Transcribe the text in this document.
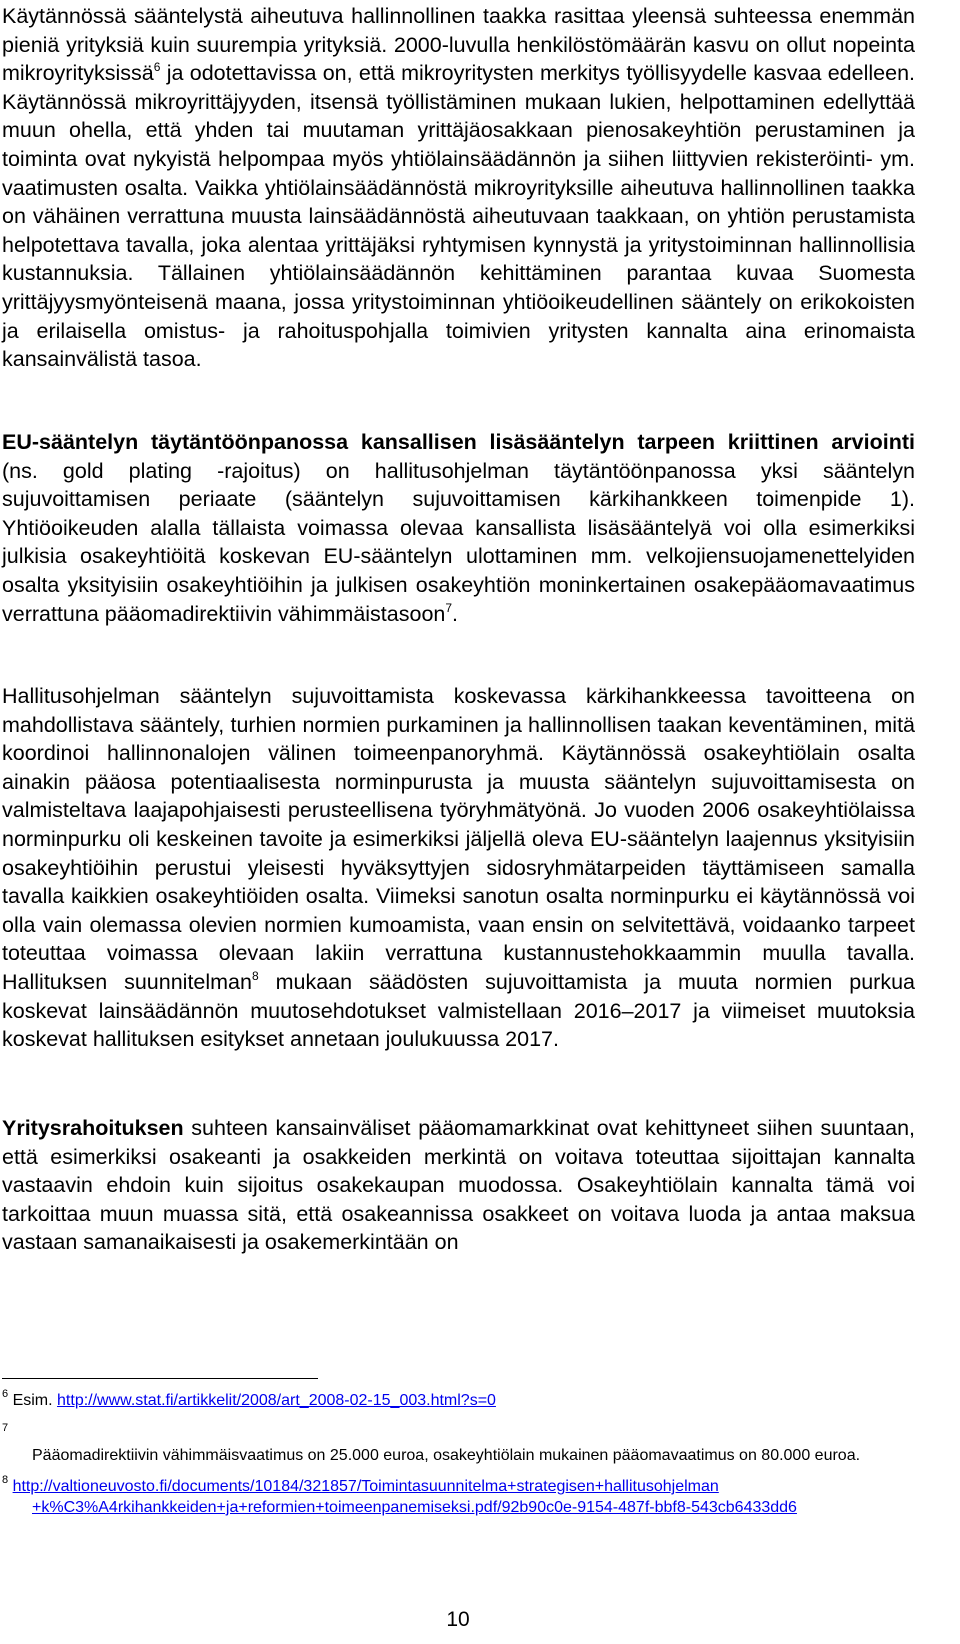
Käytännössä sääntelystä aiheutuva hallinnollinen taakka rasittaa yleensä suhteessa enemmän pieniä yrityksiä kuin suurempia yrityksiä. 2000-luvulla henkilöstömäärän kasvu on ollut nopeinta mikroyrityksissä$^6$ ja odotettavissa on, että mikroyritysten merkitys työllisyydelle kasvaa edelleen. Käytännössä mikroyrittäjyyden, itsensä työllistäminen mukaan lukien, helpottaminen edellyttää muun ohella, että yhden tai muutaman yrittäjäosakkaan pienosakeyhtiön perustaminen ja toiminta ovat nykyistä helpompaa myös yhtiölainsäädännön ja siihen liittyvien rekisteröinti- ym. vaatimusten osalta. Vaikka yhtiölainsäädännöstä mikroyrityksille aiheutuva hallinnollinen taakka on vähäinen verrattuna muusta lainsäädännöstä aiheutuvaan taakkaan, on yhtiön perustamista helpotettava tavalla, joka alentaa yrittäjäksi ryhtymisen kynnystä ja yritystoiminnan hallinnollisia kustannuksia. Tällainen yhtiölainsäädännön kehittäminen parantaa kuvaa Suomesta yrittäjyysmyönteisenä maana, jossa yritystoiminnan yhtiöoikeudellinen sääntely on erikokoisten ja erilaisella omistus- ja rahoituspohjalla toimivien yritysten kannalta aina erinomaista kansainvälistä tasoa.

EU-sääntelyn täytäntöönpanossa kansallisen lisäsääntelyn tarpeen kriittinen arviointi (ns. gold plating -rajoitus) on hallitusohjelman täytäntöönpanossa yksi sääntelyn sujuvoittamisen periaate (sääntelyn sujuvoittamisen kärkihankkeen toimenpide 1). Yhtiöoikeuden alalla tällaista voimassa olevaa kansallista lisäsääntelyä voi olla esimerkiksi julkisia osakeyhtiöitä koskevan EU-sääntelyn ulottaminen mm. velkojiensuojamenettelyiden osalta yksityisiin osakeyhtiöihin ja julkisen osakeyhtiön moninkertainen osakepääomavaatimus verrattuna pääomadirektiivin vähimmäistasoon$^7$.

Hallitusohjelman sääntelyn sujuvoittamista koskevassa kärkihankkeessa tavoitteena on mahdollistava sääntely, turhien normien purkaminen ja hallinnollisen taakan keventäminen, mitä koordinoi hallinnonalojen välinen toimeenpanoryhmä. Käytännössä osakeyhtiölain osalta ainakin pääosa potentiaalisesta norminpurusta ja muusta sääntelyn sujuvoittamisesta on valmisteltava laajapohjaisesti perusteellisena työryhmätyönä. Jo vuoden 2006 osakeyhtiölaissa norminpurku oli keskeinen tavoite ja esimerkiksi jäljellä oleva EU-sääntelyn laajennus yksityisiin osakeyhtiöihin perustui yleisesti hyväksyttyjen sidosryhmätarpeiden täyttämiseen samalla tavalla kaikkien osakeyhtiöiden osalta. Viimeksi sanotun osalta norminpurku ei käytännössä voi olla vain olemassa olevien normien kumoamista, vaan ensin on selvitettävä, voidaanko tarpeet toteuttaa voimassa olevaan lakiin verrattuna kustannustehokkaammin muulla tavalla. Hallituksen suunnitelman$^8$ mukaan säädösten sujuvoittamista ja muuta normien purkua koskevat lainsäädännön muutosehdotukset valmistellaan 2016–2017 ja viimeiset muutoksia koskevat hallituksen esitykset annetaan joulukuussa 2017.

Yritysrahoituksen suhteen kansainväliset pääomamarkkinat ovat kehittyneet siihen suuntaan, että esimerkiksi osakeanti ja osakkeiden merkintä on voitava toteuttaa sijoittajan kannalta vastaavin ehdoin kuin sijoitus osakekaupan muodossa. Osakeyhtiölain kannalta tämä voi tarkoittaa muun muassa sitä, että osakeannissa osakkeet on voitava luoda ja antaa maksua vastaan samanaikaisesti ja osakemerkintään on

$^6$ Esim. http://www.stat.fi/artikkelit/2008/art_2008-02-15_003.html?s=0
$^7$
Pääomadirektiivin vähimmäisvaatimus on 25.000 euroa, osakeyhtiölain mukainen pääomavaatimus on 80.000 euroa.
$^8$ http://valtioneuvosto.fi/documents/10184/321857/Toimintasuunnitelma+strategisen+hallitusohjelman
+k%C3%A4rkihankkeiden+ja+reformien+toimeenpanemiseksi.pdf/92b90c0e-9154-487f-bbf8-543cb6433dd6
10
